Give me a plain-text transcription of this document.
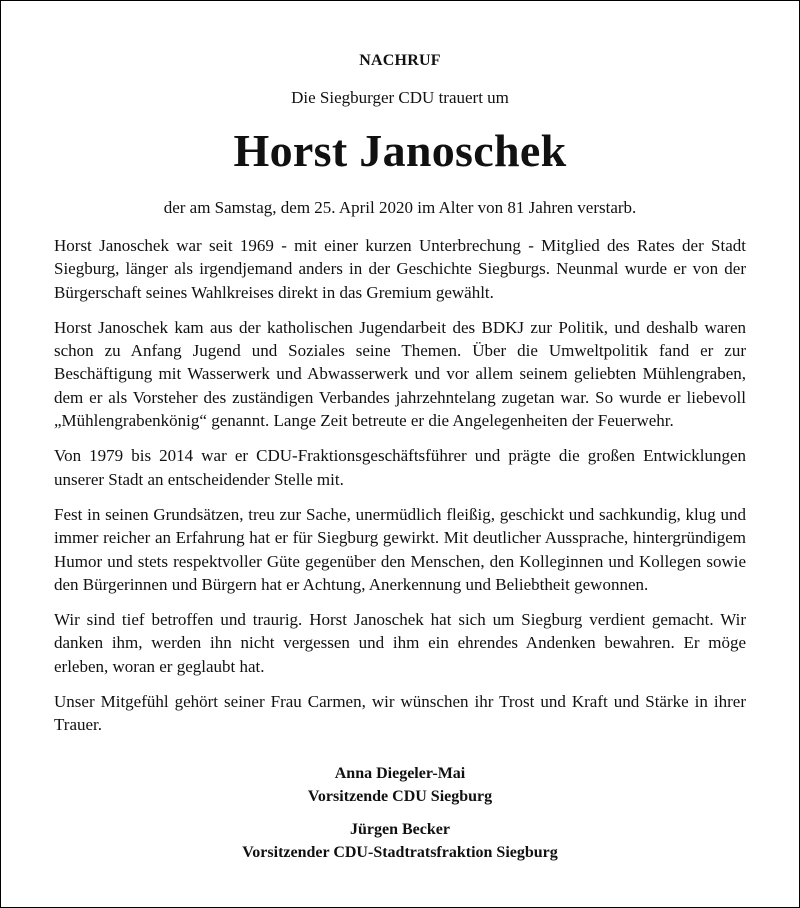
NACHRUF
Die Siegburger CDU trauert um
Horst Janoschek
der am Samstag, dem 25. April 2020 im Alter von 81 Jahren verstarb.

Horst Janoschek war seit 1969 - mit einer kurzen Unterbrechung - Mitglied des Rates der Stadt Siegburg, länger als irgendjemand anders in der Geschichte Siegburgs. Neunmal wurde er von der Bürgerschaft seines Wahlkreises direkt in das Gremium gewählt.

Horst Janoschek kam aus der katholischen Jugendarbeit des BDKJ zur Politik, und deshalb waren schon zu Anfang Jugend und Soziales seine Themen. Über die Umweltpolitik fand er zur Beschäftigung mit Wasserwerk und Abwasserwerk und vor allem seinem geliebten Mühlengraben, dem er als Vorsteher des zuständigen Verbandes jahrzehntelang zugetan war. So wurde er liebevoll „Mühlengrabenkönig“ genannt. Lange Zeit betreute er die Angelegenheiten der Feuerwehr.

Von 1979 bis 2014 war er CDU-Fraktionsgeschäftsführer und prägte die großen Entwicklungen unserer Stadt an entscheidender Stelle mit.

Fest in seinen Grundsätzen, treu zur Sache, unermüdlich fleißig, geschickt und sachkundig, klug und immer reicher an Erfahrung hat er für Siegburg gewirkt. Mit deutlicher Aussprache, hintergründigem Humor und stets respektvoller Güte gegenüber den Menschen, den Kolleginnen und Kollegen sowie den Bürgerinnen und Bürgern hat er Achtung, Anerkennung und Beliebtheit gewonnen.

Wir sind tief betroffen und traurig. Horst Janoschek hat sich um Siegburg verdient gemacht. Wir danken ihm, werden ihn nicht vergessen und ihm ein ehrendes Andenken bewahren. Er möge erleben, woran er geglaubt hat.

Unser Mitgefühl gehört seiner Frau Carmen, wir wünschen ihr Trost und Kraft und Stärke in ihrer Trauer.

Anna Diegeler-Mai
Vorsitzende CDU Siegburg
Jürgen Becker
Vorsitzender CDU-Stadtratsfraktion Siegburg
